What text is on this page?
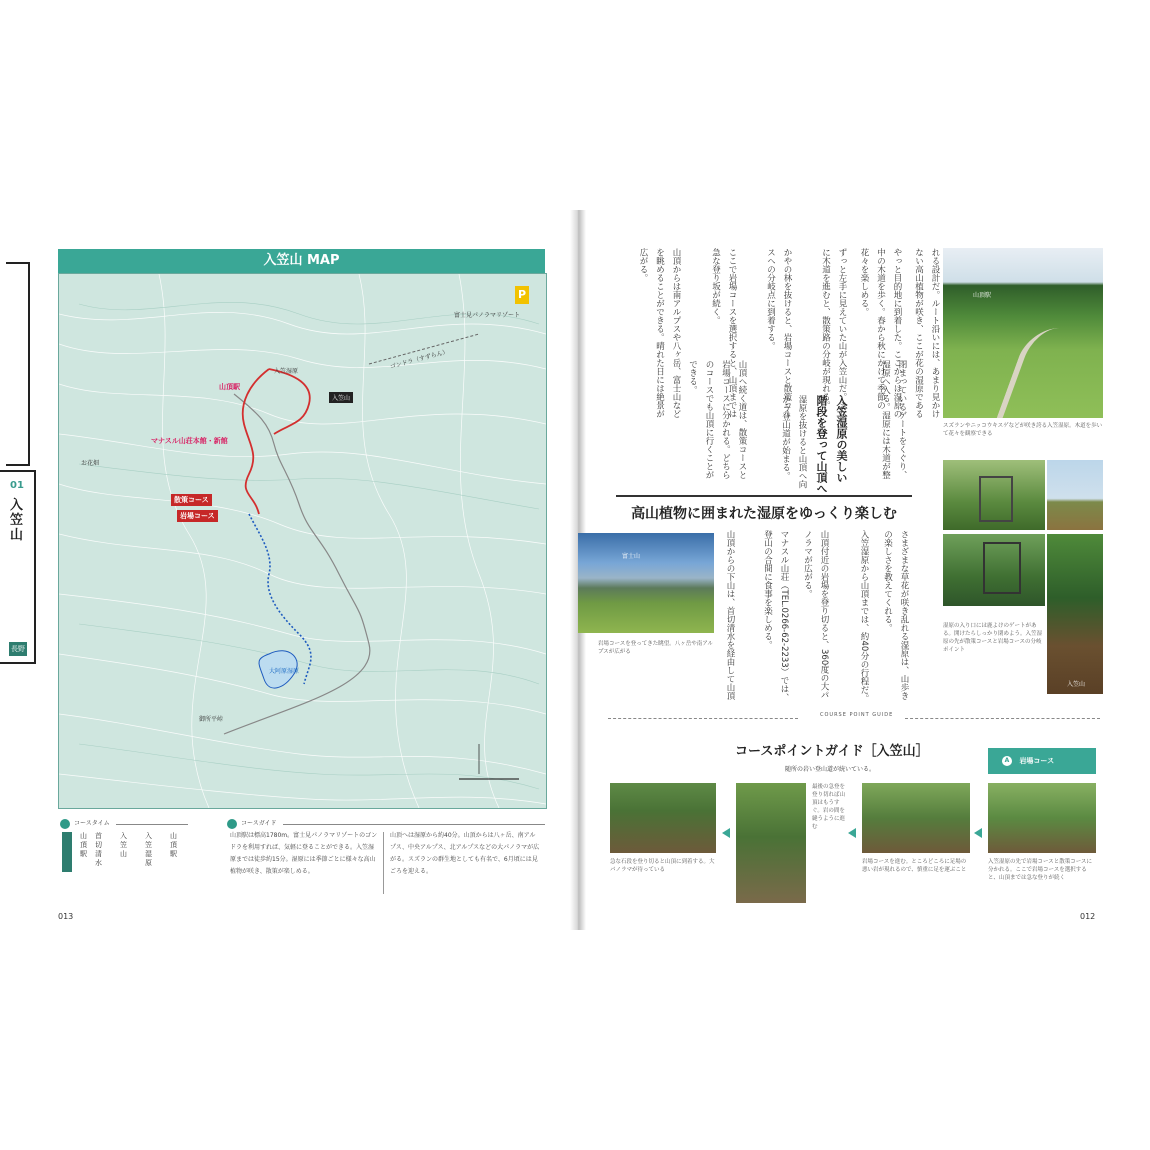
01
入笠山
長野
入笠山 MAP
P
富士見パノラマリゾート
ゴンドラ（すずらん）
山頂駅
マナスル山荘本館・新館
散策コース
岩場コース
入笠山
入笠湿原
大阿原湿原
お花畑
御所平峠
コースタイム	コースガイド
山頂駅
入笠湿原
入笠山
首切清水
山頂駅
山頂駅は標高1780m。富士見パノラマリゾートのゴンドラを利用すれば、気軽に登ることができる。入笠湿原までは徒歩約15分。湿原には季節ごとに様々な高山植物が咲き、散策が楽しめる。
山頂へは湿原から約40分。山頂からは八ヶ岳、南アルプス、中央アルプス、北アルプスなどの大パノラマが広がる。スズランの群生地としても有名で、6月頃には見ごろを迎える。
013
れる設計だ。ルート沿いには、あまり見かけない高山植物が咲き、ここが花の湿原である
やっと目的地に到着した。ここからは湿原の中の木道を歩く。春から秋にかけて季節の花々を楽しめる。
ずっと左手に見えていた山が入笠山だ。さらに木道を進むと、散策路の分岐が現れる。
かやの林を抜けると、岩場コースと散策コースへの分岐点に到着する。
ここで岩場コースを選択すると、山頂までは急な登り坂が続く。
山頂からは南アルプスや八ヶ岳、富士山などを眺めることができる。晴れた日には絶景が広がる。
入笠湿原の美しい
階段を登って山頂へ
閉まっているゲートをくぐり、湿原へ入る。湿原には木道が整
湿原を抜けると山頂へ向かう登山道が始まる。
山頂へ続く道は、散策コースと岩場コースに分かれる。どちらのコースでも山頂に行くことができる。
高山植物に囲まれた湿原をゆっくり楽しむ
さまざまな草花が咲き乱れる湿原は、山歩きの楽しさを教えてくれる。
入笠湿原から山頂までは、約40分の行程だ。
山頂付近の岩場を登り切ると、360度の大パノラマが広がる。
マナスル山荘（TEL.0266-62-2233）では、登山の合間に食事を楽しめる。
山頂からの下山は、首切清水を経由して山頂
山頂駅
スズランやニッコウキスゲなどが咲き誇る入笠湿原。木道を歩いて花々を観察できる
入笠山
湿原の入り口には鹿よけのゲートがある。開けたらしっかり閉めよう。入笠湿原の先が散策コースと岩場コースの分岐ポイント
富士山
岩場コースを登ってきた眺望。八ヶ岳や南アルプスが広がる
COURSE POINT GUIDE
コースポイントガイド［入笠山］
随所の岩い登山道が続いている。
A 岩場コース
急な石段を登り切ると山頂に到着する。大パノラマが待っている
最後の急登を登り切れば山頂はもうすぐ。岩の間を縫うように進む
岩場コースを進む。ところどころに足場の悪い岩が現れるので、慎重に足を運ぶこと
入笠湿原の先で岩場コースと散策コースに分かれる。ここで岩場コースを選択すると、山頂までは急な登りが続く
012
